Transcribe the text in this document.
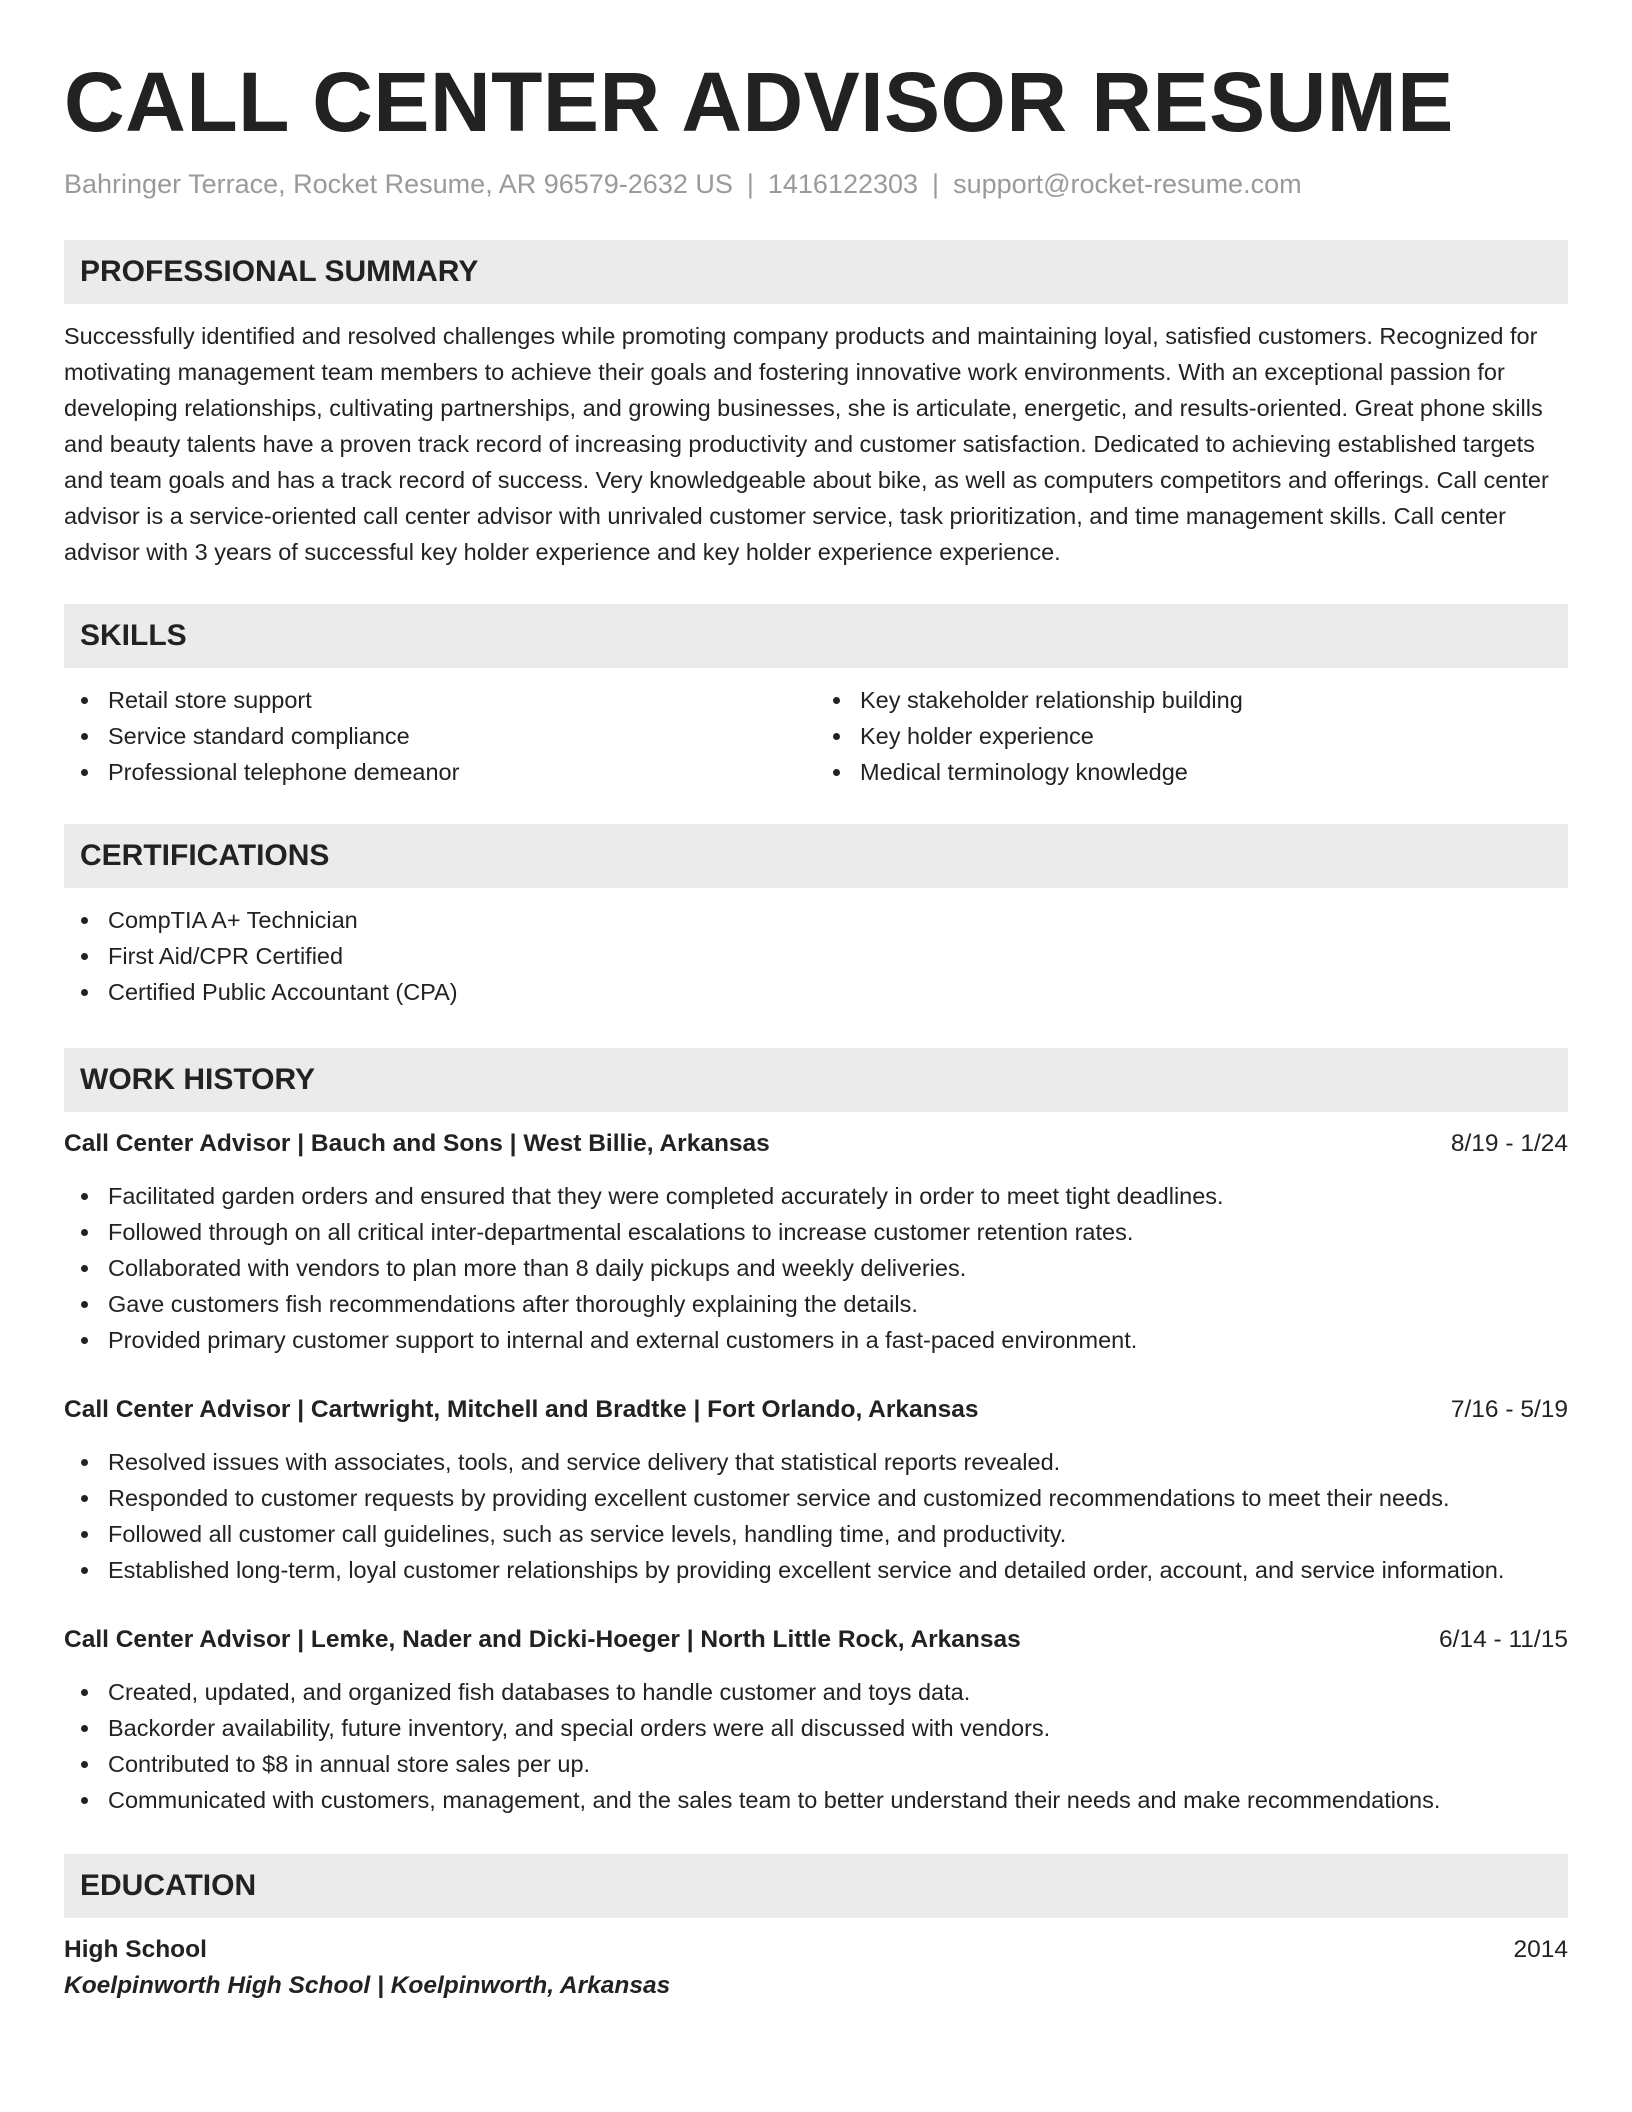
CALL CENTER ADVISOR RESUME
Bahringer Terrace, Rocket Resume, AR 96579-2632 US | 1416122303 | support@rocket-resume.com
PROFESSIONAL SUMMARY

Successfully identified and resolved challenges while promoting company products and maintaining loyal, satisfied customers. Recognized for motivating management team members to achieve their goals and fostering innovative work environments. With an exceptional passion for developing relationships, cultivating partnerships, and growing businesses, she is articulate, energetic, and results-oriented. Great phone skills and beauty talents have a proven track record of increasing productivity and customer satisfaction. Dedicated to achieving established targets and team goals and has a track record of success. Very knowledgeable about bike, as well as computers competitors and offerings. Call center advisor is a service-oriented call center advisor with unrivaled customer service, task prioritization, and time management skills. Call center advisor with 3 years of successful key holder experience and key holder experience experience.

SKILLS
Retail store support
Service standard compliance
Professional telephone demeanor
Key stakeholder relationship building
Key holder experience
Medical terminology knowledge
CERTIFICATIONS
CompTIA A+ Technician
First Aid/CPR Certified
Certified Public Accountant (CPA)
WORK HISTORY
Call Center Advisor | Bauch and Sons | West Billie, Arkansas	8/19 - 1/24
Facilitated garden orders and ensured that they were completed accurately in order to meet tight deadlines.
Followed through on all critical inter-departmental escalations to increase customer retention rates.
Collaborated with vendors to plan more than 8 daily pickups and weekly deliveries.
Gave customers fish recommendations after thoroughly explaining the details.
Provided primary customer support to internal and external customers in a fast-paced environment.
Call Center Advisor | Cartwright, Mitchell and Bradtke | Fort Orlando, Arkansas	7/16 - 5/19
Resolved issues with associates, tools, and service delivery that statistical reports revealed.
Responded to customer requests by providing excellent customer service and customized recommendations to meet their needs.
Followed all customer call guidelines, such as service levels, handling time, and productivity.
Established long-term, loyal customer relationships by providing excellent service and detailed order, account, and service information.
Call Center Advisor | Lemke, Nader and Dicki-Hoeger | North Little Rock, Arkansas	6/14 - 11/15
Created, updated, and organized fish databases to handle customer and toys data.
Backorder availability, future inventory, and special orders were all discussed with vendors.
Contributed to $8 in annual store sales per up.
Communicated with customers, management, and the sales team to better understand their needs and make recommendations.
EDUCATION
High School	2014
Koelpinworth High School | Koelpinworth, Arkansas
